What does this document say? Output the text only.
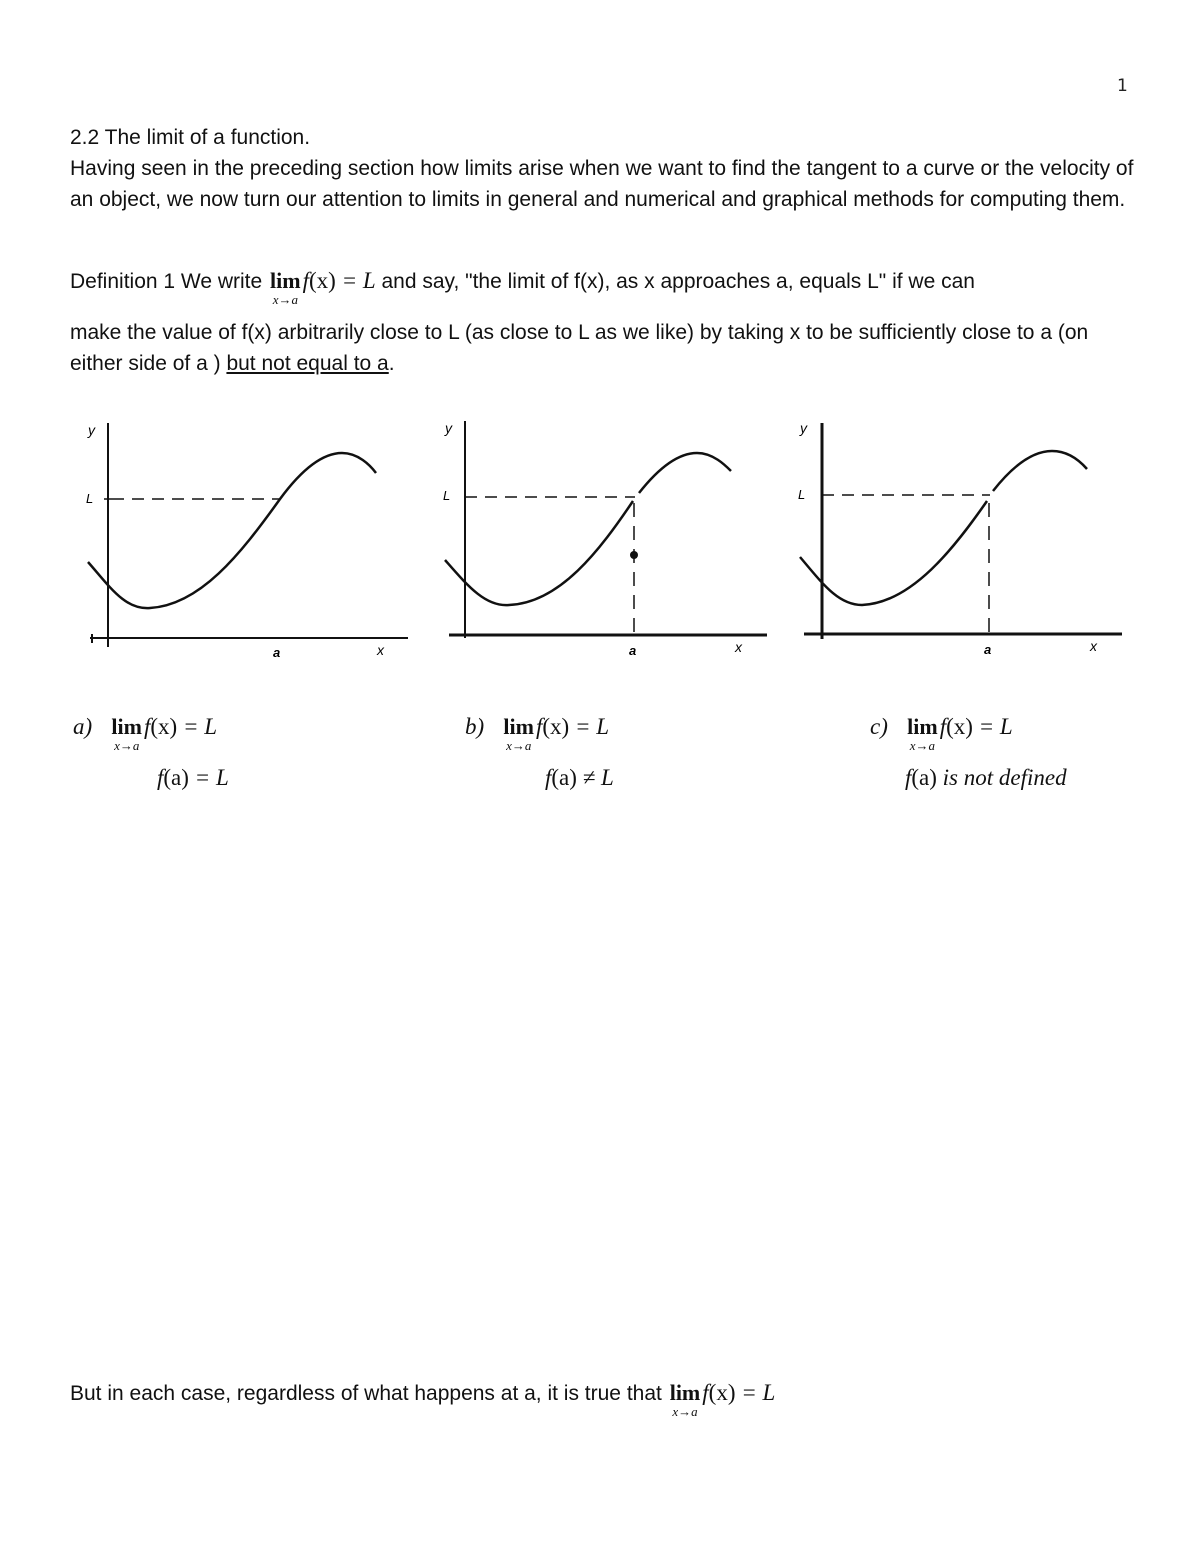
1

2.2 The limit of a function.

Having seen in the preceding section how limits arise when we want to find the tangent to a curve or the velocity of an object, we now turn our attention to limits in general and numerical and graphical methods for computing them.

Definition 1 We write lim
x→a
f(x) = L and say, "the limit of f(x), as x approaches a, equals L" if we can

make the value of f(x) arbitrarily close to L (as close to L as we like) by taking x to be sufficiently close to a (on either side of a ) but not equal to a.

y
L
a	x
y
L
a	x
y
L
a	x
a) lim
x→a
f(x) = L
f(a) = L
b) lim
x→a
f(x) = L
f(a) ≠ L
c) lim
x→a
f(x) = L
f(a) is not defined
But in each case, regardless of what happens at a, it is true that lim
x→a
f(x) = L
